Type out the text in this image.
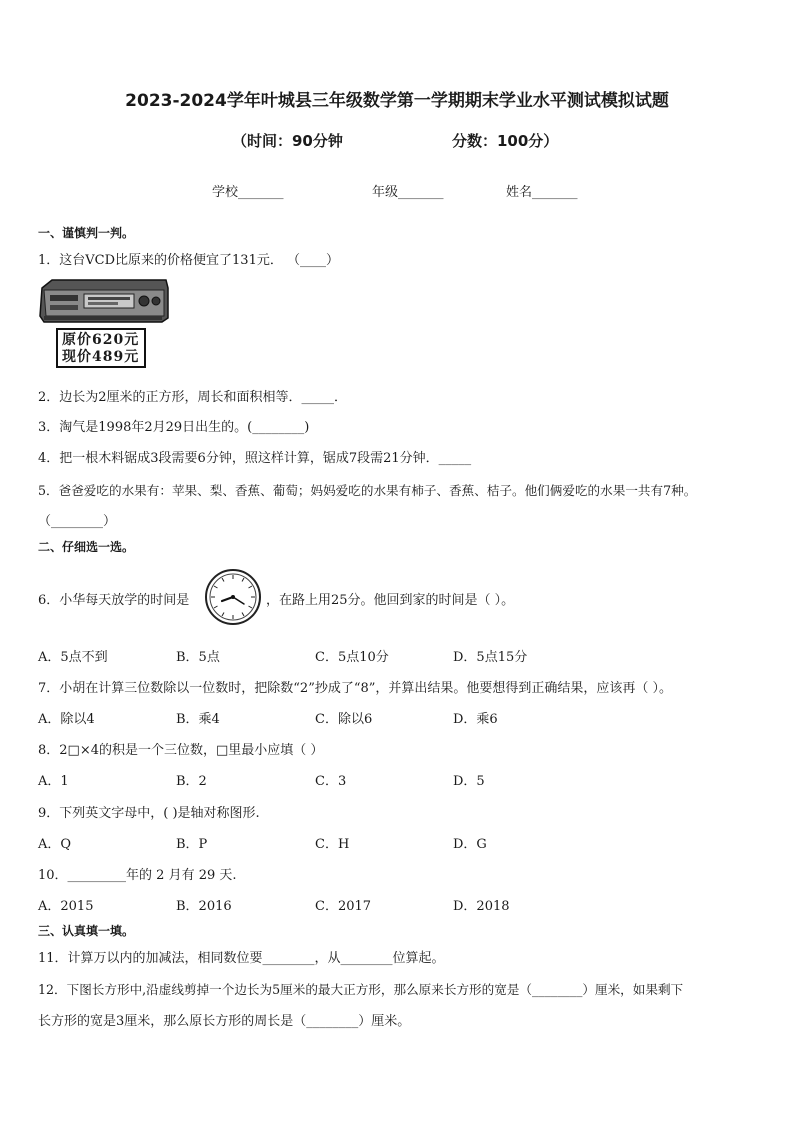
2023-2024学年叶城县三年级数学第一学期期末学业水平测试模拟试题
（时间：90分钟	分数：100分）
学校_______	年级_______	姓名_______
一、谨慎判一判。
1．这台VCD比原来的价格便宜了131元． （____）
原价620元
现价489元
2．边长为2厘米的正方形，周长和面积相等．_____．
3．淘气是1998年2月29日出生的。(________)
4．把一根木料锯成3段需要6分钟，照这样计算，锯成7段需21分钟．_____
5．爸爸爱吃的水果有：苹果、梨、香蕉、葡萄；妈妈爱吃的水果有柿子、香蕉、桔子。他们俩爱吃的水果一共有7种。
（________）
二、仔细选一选。
6．小华每天放学的时间是	，在路上用25分。他回到家的时间是（ ）。
A．5点不到	B．5点	C．5点10分	D．5点15分
7．小胡在计算三位数除以一位数时，把除数“2”抄成了“8”，并算出结果。他要想得到正确结果，应该再（ ）。
A．除以4	B．乘4	C．除以6	D．乘6
8．2□×4的积是一个三位数，□里最小应填（ ）
A．1	B．2	C．3	D．5
9．下列英文字母中，( )是轴对称图形.
A．Q	B．P	C．H	D．G
10．_________年的 2 月有 29 天.
A．2015	B．2016	C．2017	D．2018
三、认真填一填。
11．计算万以内的加减法，相同数位要________，从________位算起。
12．下图长方形中,沿虚线剪掉一个边长为5厘米的最大正方形，那么原来长方形的宽是（________）厘米，如果剩下
长方形的宽是3厘米，那么原长方形的周长是（________）厘米。
